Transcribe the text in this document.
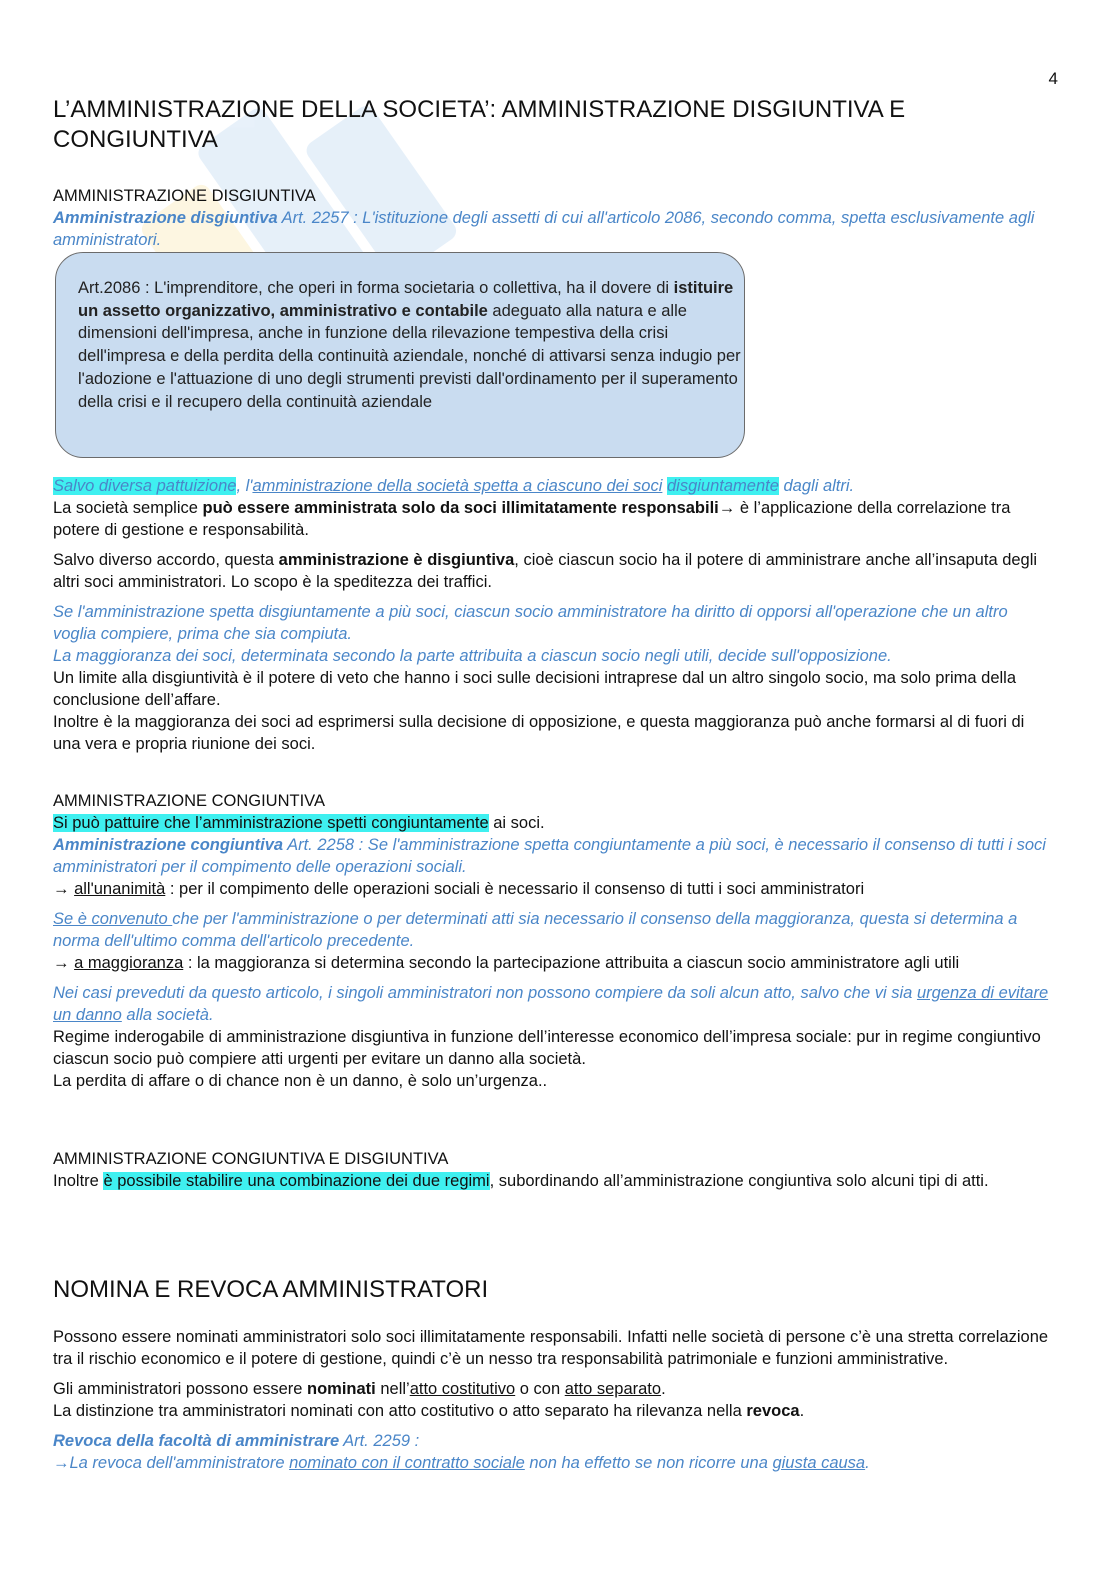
4
L’AMMINISTRAZIONE DELLA SOCIETA’: AMMINISTRAZIONE DISGIUNTIVA E CONGIUNTIVA

AMMINISTRAZIONE DISGIUNTIVA

Amministrazione disgiuntiva Art. 2257 : L'istituzione degli assetti di cui all'articolo 2086, secondo comma, spetta esclusivamente agli amministratori.

Art.2086 : L'imprenditore, che operi in forma societaria o collettiva, ha il dovere di istituire un assetto organizzativo, amministrativo e contabile adeguato alla natura e alle dimensioni dell'impresa, anche in funzione della rilevazione tempestiva della crisi dell'impresa e della perdita della continuità aziendale, nonché di attivarsi senza indugio per l'adozione e l'attuazione di uno degli strumenti previsti dall'ordinamento per il superamento della crisi e il recupero della continuità aziendale

Salvo diversa pattuizione, l'amministrazione della società spetta a ciascuno dei soci disgiuntamente dagli altri.

La società semplice può essere amministrata solo da soci illimitatamente responsabili→ è l’applicazione della correlazione tra potere di gestione e responsabilità.

Salvo diverso accordo, questa amministrazione è disgiuntiva, cioè ciascun socio ha il potere di amministrare anche all’insaputa degli altri soci amministratori. Lo scopo è la speditezza dei traffici.

Se l'amministrazione spetta disgiuntamente a più soci, ciascun socio amministratore ha diritto di opporsi all'operazione che un altro voglia compiere, prima che sia compiuta.

La maggioranza dei soci, determinata secondo la parte attribuita a ciascun socio negli utili, decide sull'opposizione.

Un limite alla disgiuntività è il potere di veto che hanno i soci sulle decisioni intraprese dal un altro singolo socio, ma solo prima della conclusione dell’affare.

Inoltre è la maggioranza dei soci ad esprimersi sulla decisione di opposizione, e questa maggioranza può anche formarsi al di fuori di una vera e propria riunione dei soci.

AMMINISTRAZIONE CONGIUNTIVA

Si può pattuire che l’amministrazione spetti congiuntamente ai soci.

Amministrazione congiuntiva Art. 2258 : Se l'amministrazione spetta congiuntamente a più soci, è necessario il consenso di tutti i soci amministratori per il compimento delle operazioni sociali.

→ all'unanimità : per il compimento delle operazioni sociali è necessario il consenso di tutti i soci amministratori

Se è convenuto che per l'amministrazione o per determinati atti sia necessario il consenso della maggioranza, questa si determina a norma dell'ultimo comma dell'articolo precedente.

→ a maggioranza : la maggioranza si determina secondo la partecipazione attribuita a ciascun socio amministratore agli utili

Nei casi preveduti da questo articolo, i singoli amministratori non possono compiere da soli alcun atto, salvo che vi sia urgenza di evitare un danno alla società.

Regime inderogabile di amministrazione disgiuntiva in funzione dell’interesse economico dell’impresa sociale: pur in regime congiuntivo ciascun socio può compiere atti urgenti per evitare un danno alla società.

La perdita di affare o di chance non è un danno, è solo un’urgenza..

AMMINISTRAZIONE CONGIUNTIVA E DISGIUNTIVA

Inoltre è possibile stabilire una combinazione dei due regimi, subordinando all’amministrazione congiuntiva solo alcuni tipi di atti.

NOMINA E REVOCA AMMINISTRATORI

Possono essere nominati amministratori solo soci illimitatamente responsabili. Infatti nelle società di persone c’è una stretta correlazione tra il rischio economico e il potere di gestione, quindi c’è un nesso tra responsabilità patrimoniale e funzioni amministrative.

Gli amministratori possono essere nominati nell’atto costitutivo o con atto separato.

La distinzione tra amministratori nominati con atto costitutivo o atto separato ha rilevanza nella revoca.

Revoca della facoltà di amministrare Art. 2259 :

→La revoca dell'amministratore nominato con il contratto sociale non ha effetto se non ricorre una giusta causa.
